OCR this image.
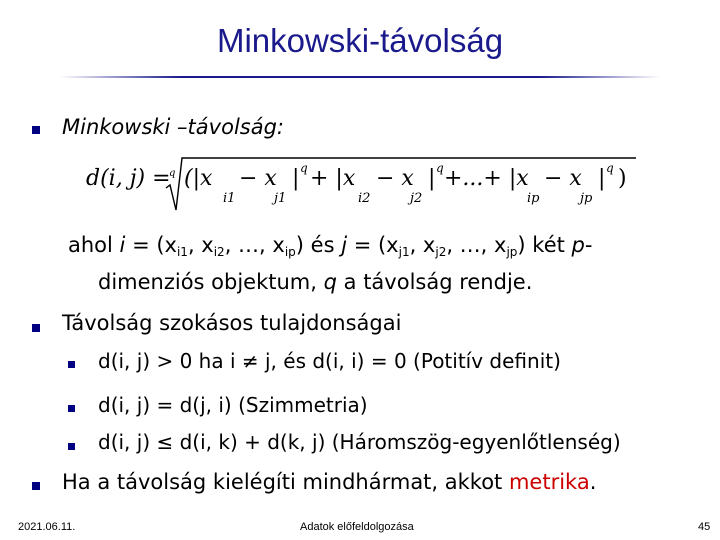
Minkowski-távolság
Minkowski –távolság:
d(i, j) =
q (|x
i1
− x
j1
| q + |x
i2
− x
j2
| q +...+ |x
ip
− x
jp
| q )
ahol $i = (x_{i1}$, $x_{i2}$, …, $x_{ip}$) és $j = (x_{j1}$, $x_{j2}$, …, $x_{jp}$) két p-
dimenziós objektum, q a távolság rendje.
Távolság szokásos tulajdonságai
d(i, j) > 0 ha i ≠ j, és d(i, i) = 0 (Potitív definit)
d(i, j) = d(j, i) (Szimmetria)
d(i, j) ≤ d(i, k) + d(k, j) (Háromszög-egyenlőtlenség)
Ha a távolság kielégíti mindhármat, akkot metrika.
2021.06.11.	Adatok előfeldolgozása	45
